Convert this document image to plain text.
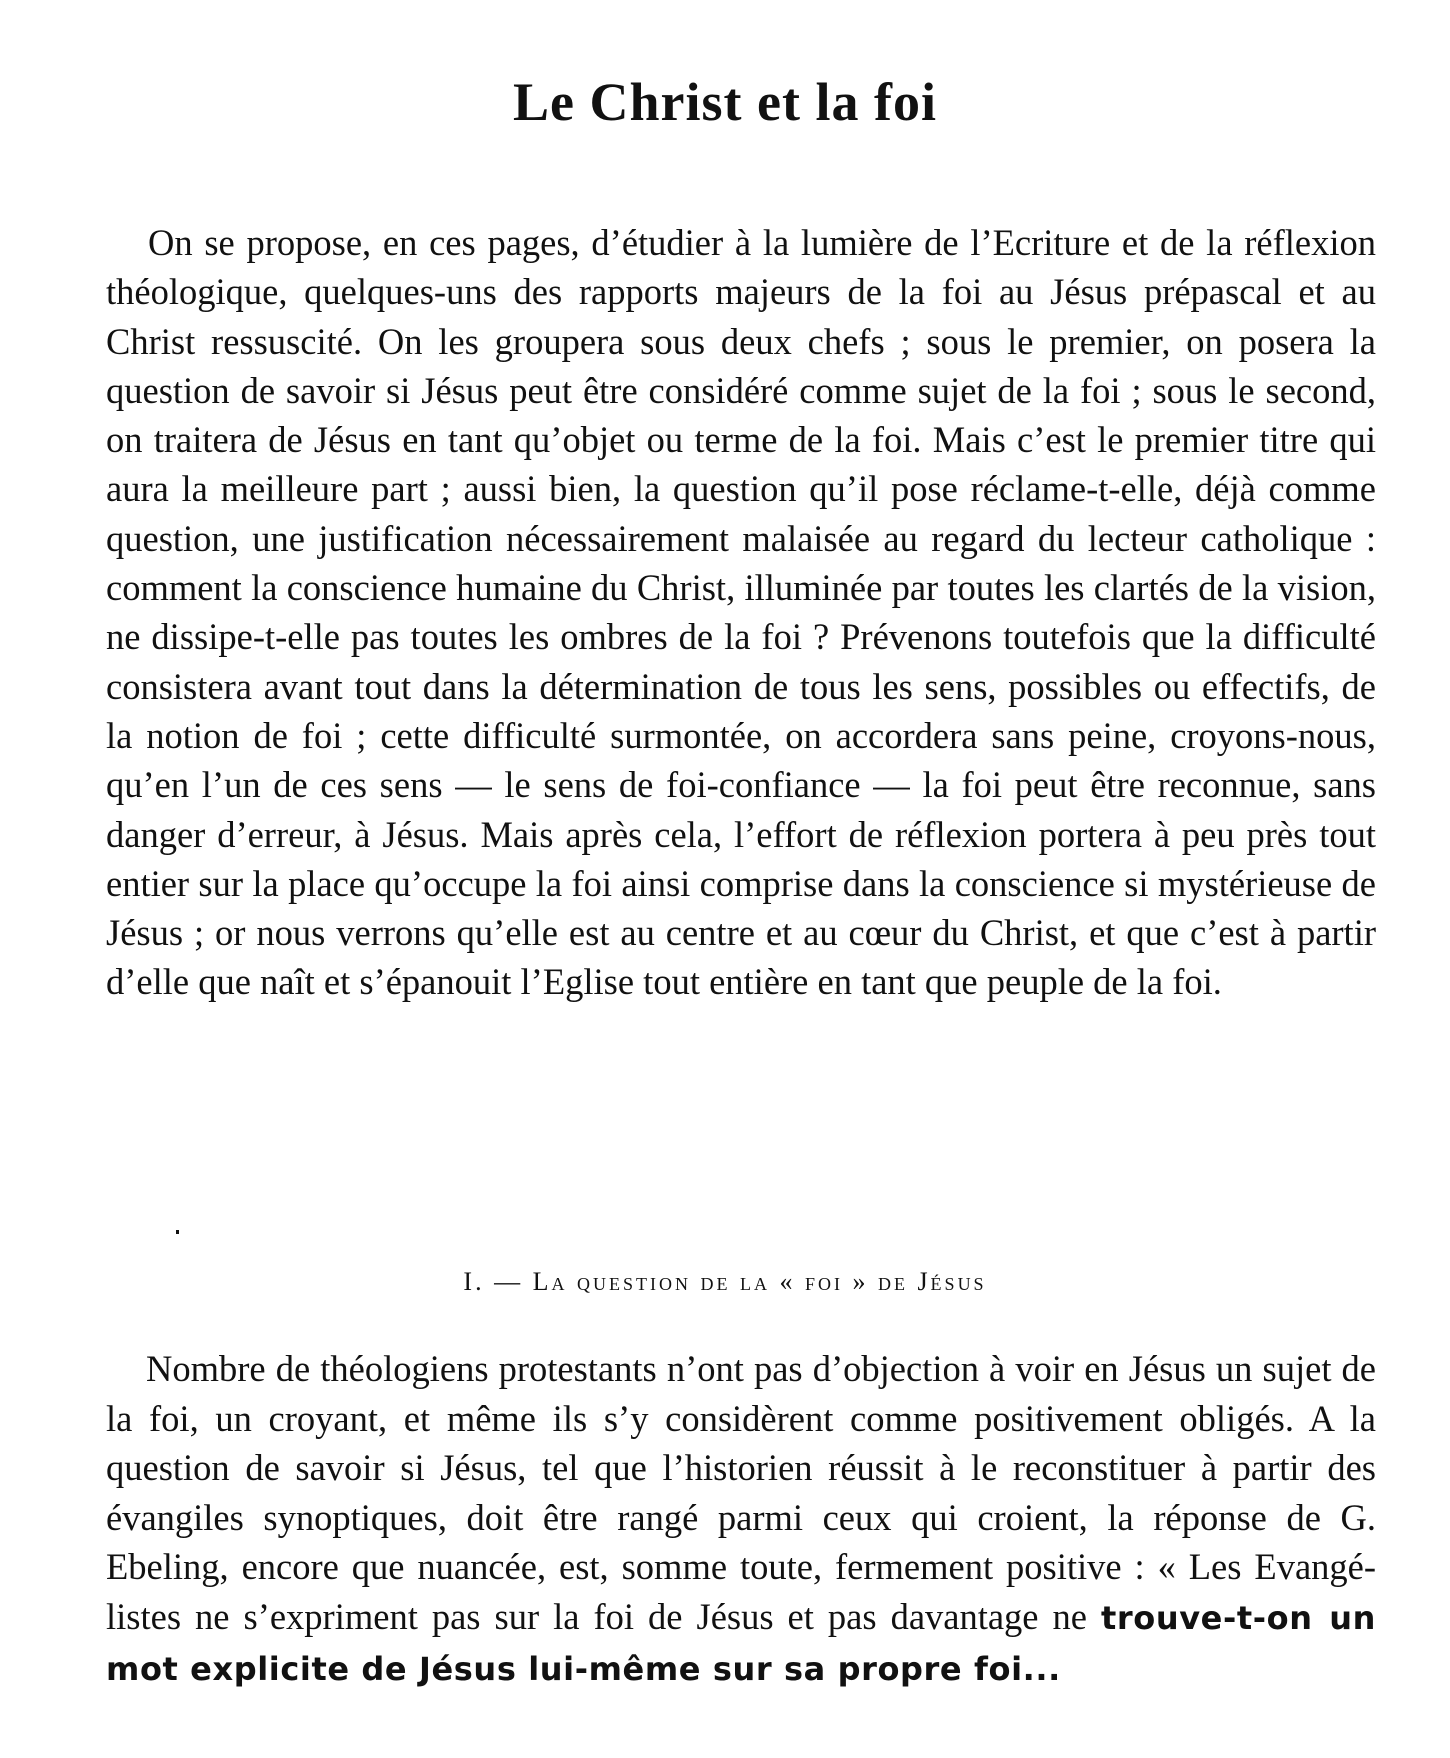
Le Christ et la foi

On se propose, en ces pages, d’étudier à la lumière de l’Ecriture et de la réflexion théologique, quelques-uns des rapports majeurs de la foi au Jésus prépascal et au Christ ressuscité. On les groupera sous deux chefs ; sous le premier, on posera la question de savoir si Jésus peut être considéré comme sujet de la foi ; sous le second, on traitera de Jésus en tant qu’objet ou terme de la foi. Mais c’est le premier titre qui aura la meilleure part ; aussi bien, la question qu’il pose réclame-t-elle, déjà comme question, une justification nécessairement malaisée au regard du lecteur catholique : comment la conscience humaine du Christ, illuminée par toutes les clartés de la vision, ne dissipe-t-elle pas toutes les ombres de la foi ? Prévenons toutefois que la difficulté consistera avant tout dans la détermination de tous les sens, possibles ou effectifs, de la notion de foi ; cette difficulté surmontée, on accordera sans peine, croyons-nous, qu’en l’un de ces sens — le sens de foi-confiance — la foi peut être reconnue, sans danger d’erreur, à Jésus. Mais après cela, l’effort de réflexion portera à peu près tout entier sur la place qu’occupe la foi ainsi comprise dans la conscience si mystérieuse de Jésus ; or nous verrons qu’elle est au centre et au cœur du Christ, et que c’est à partir d’elle que naît et s’épanouit l’Eglise tout entière en tant que peuple de la foi.

I. — La question de la « foi » de Jésus

Nombre de théologiens protestants n’ont pas d’objection à voir en Jésus un sujet de la foi, un croyant, et même ils s’y considèrent comme positivement obligés. A la question de savoir si Jésus, tel que l’historien réussit à le reconstituer à partir des évangiles synoptiques, doit être rangé parmi ceux qui croient, la réponse de G. Ebeling, encore que nuancée, est, somme toute, fermement positive : « Les Evangélistes ne s’expriment pas sur la foi de Jésus et pas davantage ne trouve-t-on un mot explicite de Jésus lui-même sur sa propre foi...
